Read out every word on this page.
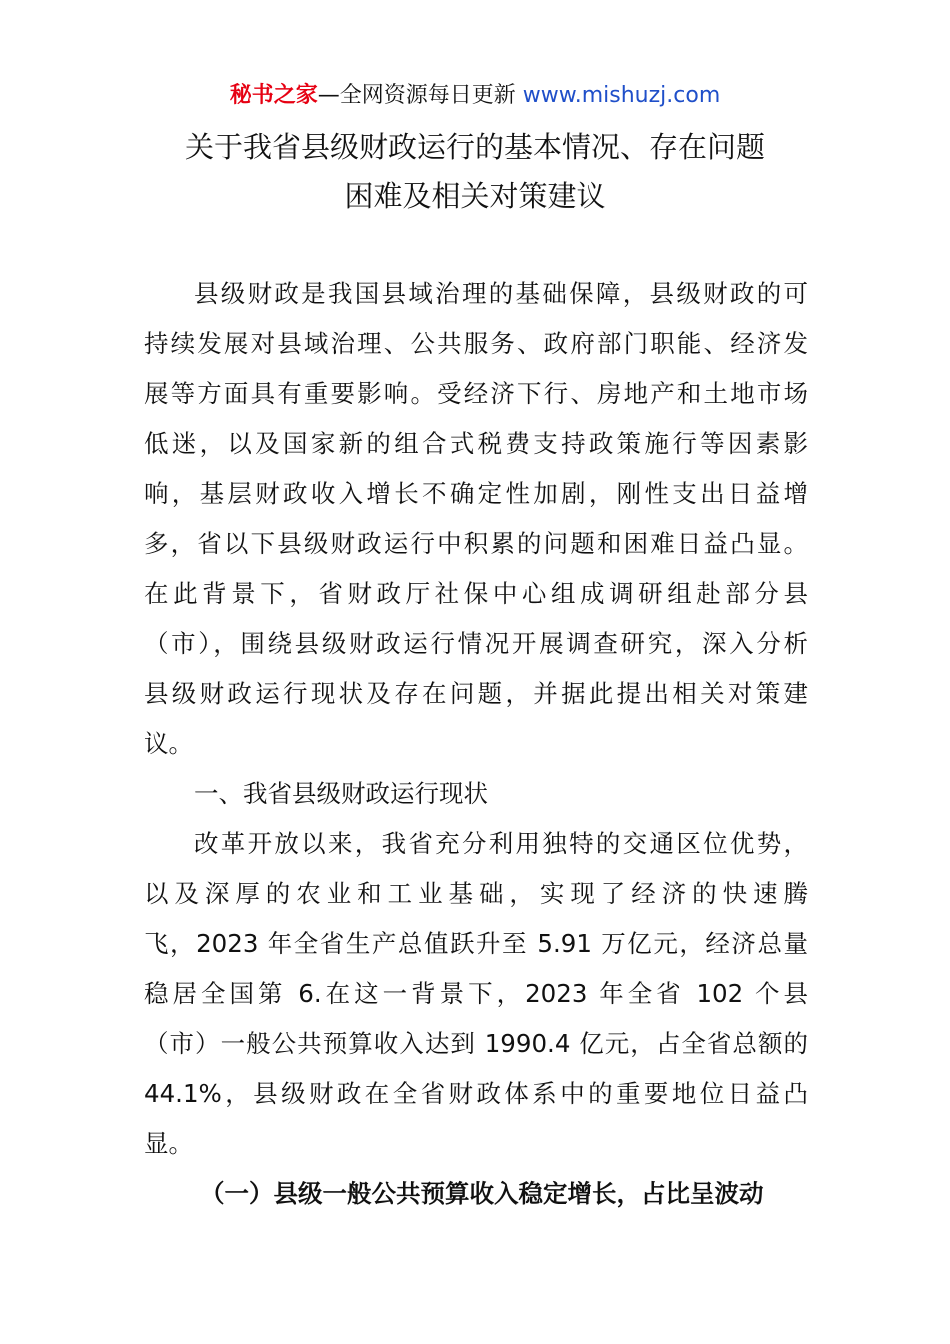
秘书之家—全网资源每日更新 www.mishuzj.com
关于我省县级财政运行的基本情况、存在问题
困难及相关对策建议
县级财政是我国县域治理的基础保障，县级财政的可
持续发展对县域治理、公共服务、政府部门职能、经济发
展等方面具有重要影响。受经济下行、房地产和土地市场
低迷，以及国家新的组合式税费支持政策施行等因素影
响，基层财政收入增长不确定性加剧，刚性支出日益增
多，省以下县级财政运行中积累的问题和困难日益凸显。
在此背景下，省财政厅社保中心组成调研组赴部分县
（市），围绕县级财政运行情况开展调查研究，深入分析
县级财政运行现状及存在问题，并据此提出相关对策建
议。
一、我省县级财政运行现状
改革开放以来，我省充分利用独特的交通区位优势，
以及深厚的农业和工业基础，实现了经济的快速腾
飞，2023 年全省生产总值跃升至 5.91 万亿元，经济总量
稳居全国第 6.在这一背景下，2023 年全省 102 个县
（市）一般公共预算收入达到 1990.4 亿元，占全省总额的
44.1%，县级财政在全省财政体系中的重要地位日益凸
显。
（一）县级一般公共预算收入稳定增长，占比呈波动
